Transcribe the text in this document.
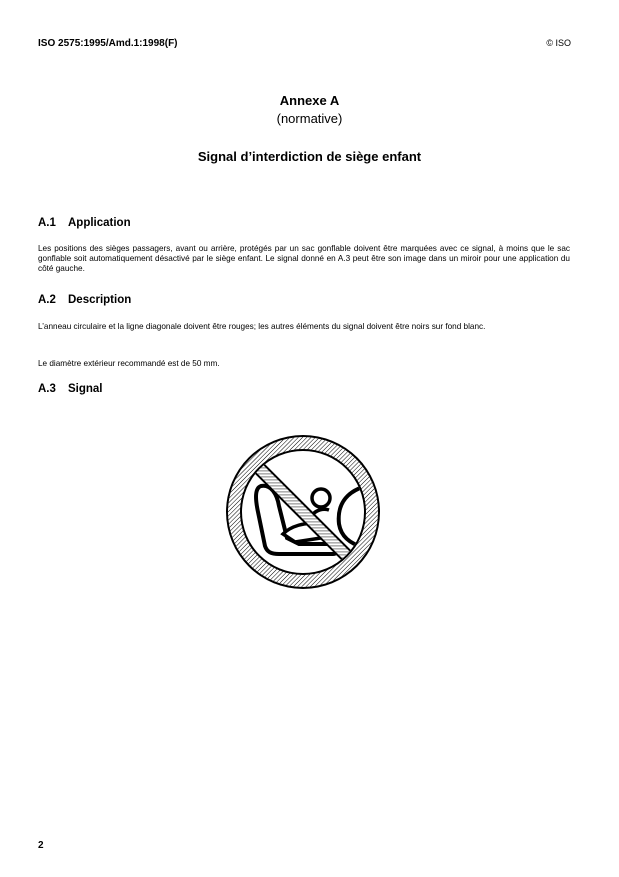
ISO 2575:1995/Amd.1:1998(F)	© ISO
Annexe A
(normative)
Signal d’interdiction de siège enfant
A.1 Application
Les positions des sièges passagers, avant ou arrière, protégés par un sac gonflable doivent être marquées avec ce signal, à moins que le sac gonflable soit automatiquement désactivé par le siège enfant. Le signal donné en A.3 peut être son image dans un miroir pour une application du côté gauche.
A.2 Description
L’anneau circulaire et la ligne diagonale doivent être rouges; les autres éléments du signal doivent être noirs sur fond blanc.
Le diamètre extérieur recommandé est de 50 mm.
A.3 Signal
2
